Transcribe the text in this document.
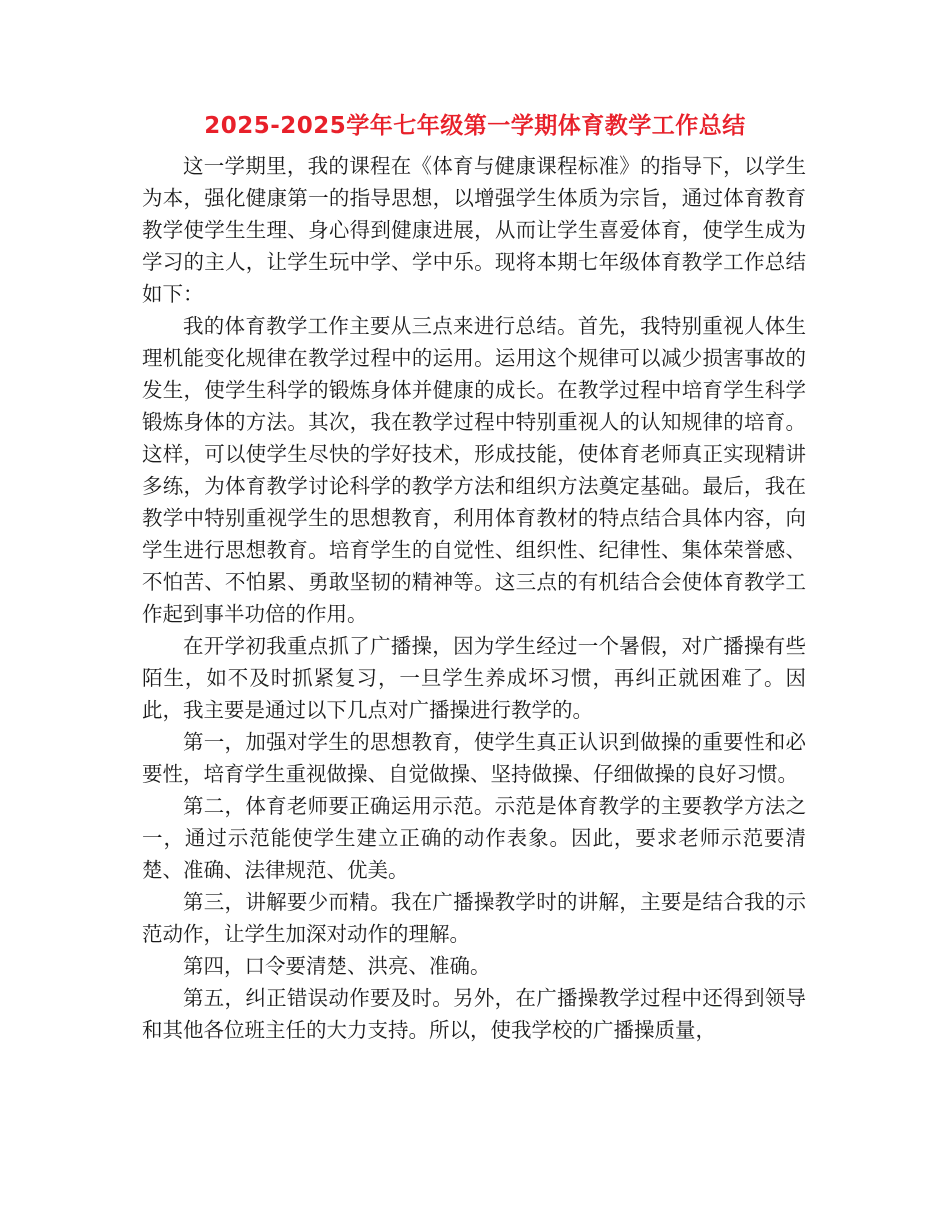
2025-2025学年七年级第一学期体育教学工作总结

这一学期里，我的课程在《体育与健康课程标准》的指导下，以学生为本，强化健康第一的指导思想，以增强学生体质为宗旨，通过体育教育教学使学生生理、身心得到健康进展，从而让学生喜爱体育，使学生成为学习的主人，让学生玩中学、学中乐。现将本期七年级体育教学工作总结如下：

我的体育教学工作主要从三点来进行总结。首先，我特别重视人体生理机能变化规律在教学过程中的运用。运用这个规律可以减少损害事故的发生，使学生科学的锻炼身体并健康的成长。在教学过程中培育学生科学锻炼身体的方法。其次，我在教学过程中特别重视人的认知规律的培育。这样，可以使学生尽快的学好技术，形成技能，使体育老师真正实现精讲多练，为体育教学讨论科学的教学方法和组织方法奠定基础。最后，我在教学中特别重视学生的思想教育，利用体育教材的特点结合具体内容，向学生进行思想教育。培育学生的自觉性、组织性、纪律性、集体荣誉感、不怕苦、不怕累、勇敢坚韧的精神等。这三点的有机结合会使体育教学工作起到事半功倍的作用。

在开学初我重点抓了广播操，因为学生经过一个暑假，对广播操有些陌生，如不及时抓紧复习，一旦学生养成坏习惯，再纠正就困难了。因此，我主要是通过以下几点对广播操进行教学的。

第一，加强对学生的思想教育，使学生真正认识到做操的重要性和必要性，培育学生重视做操、自觉做操、坚持做操、仔细做操的良好习惯。

第二，体育老师要正确运用示范。示范是体育教学的主要教学方法之一，通过示范能使学生建立正确的动作表象。因此，要求老师示范要清楚、准确、法律规范、优美。

第三，讲解要少而精。我在广播操教学时的讲解，主要是结合我的示范动作，让学生加深对动作的理解。

第四，口令要清楚、洪亮、准确。

第五，纠正错误动作要及时。另外，在广播操教学过程中还得到领导和其他各位班主任的大力支持。所以，使我学校的广播操质量，
